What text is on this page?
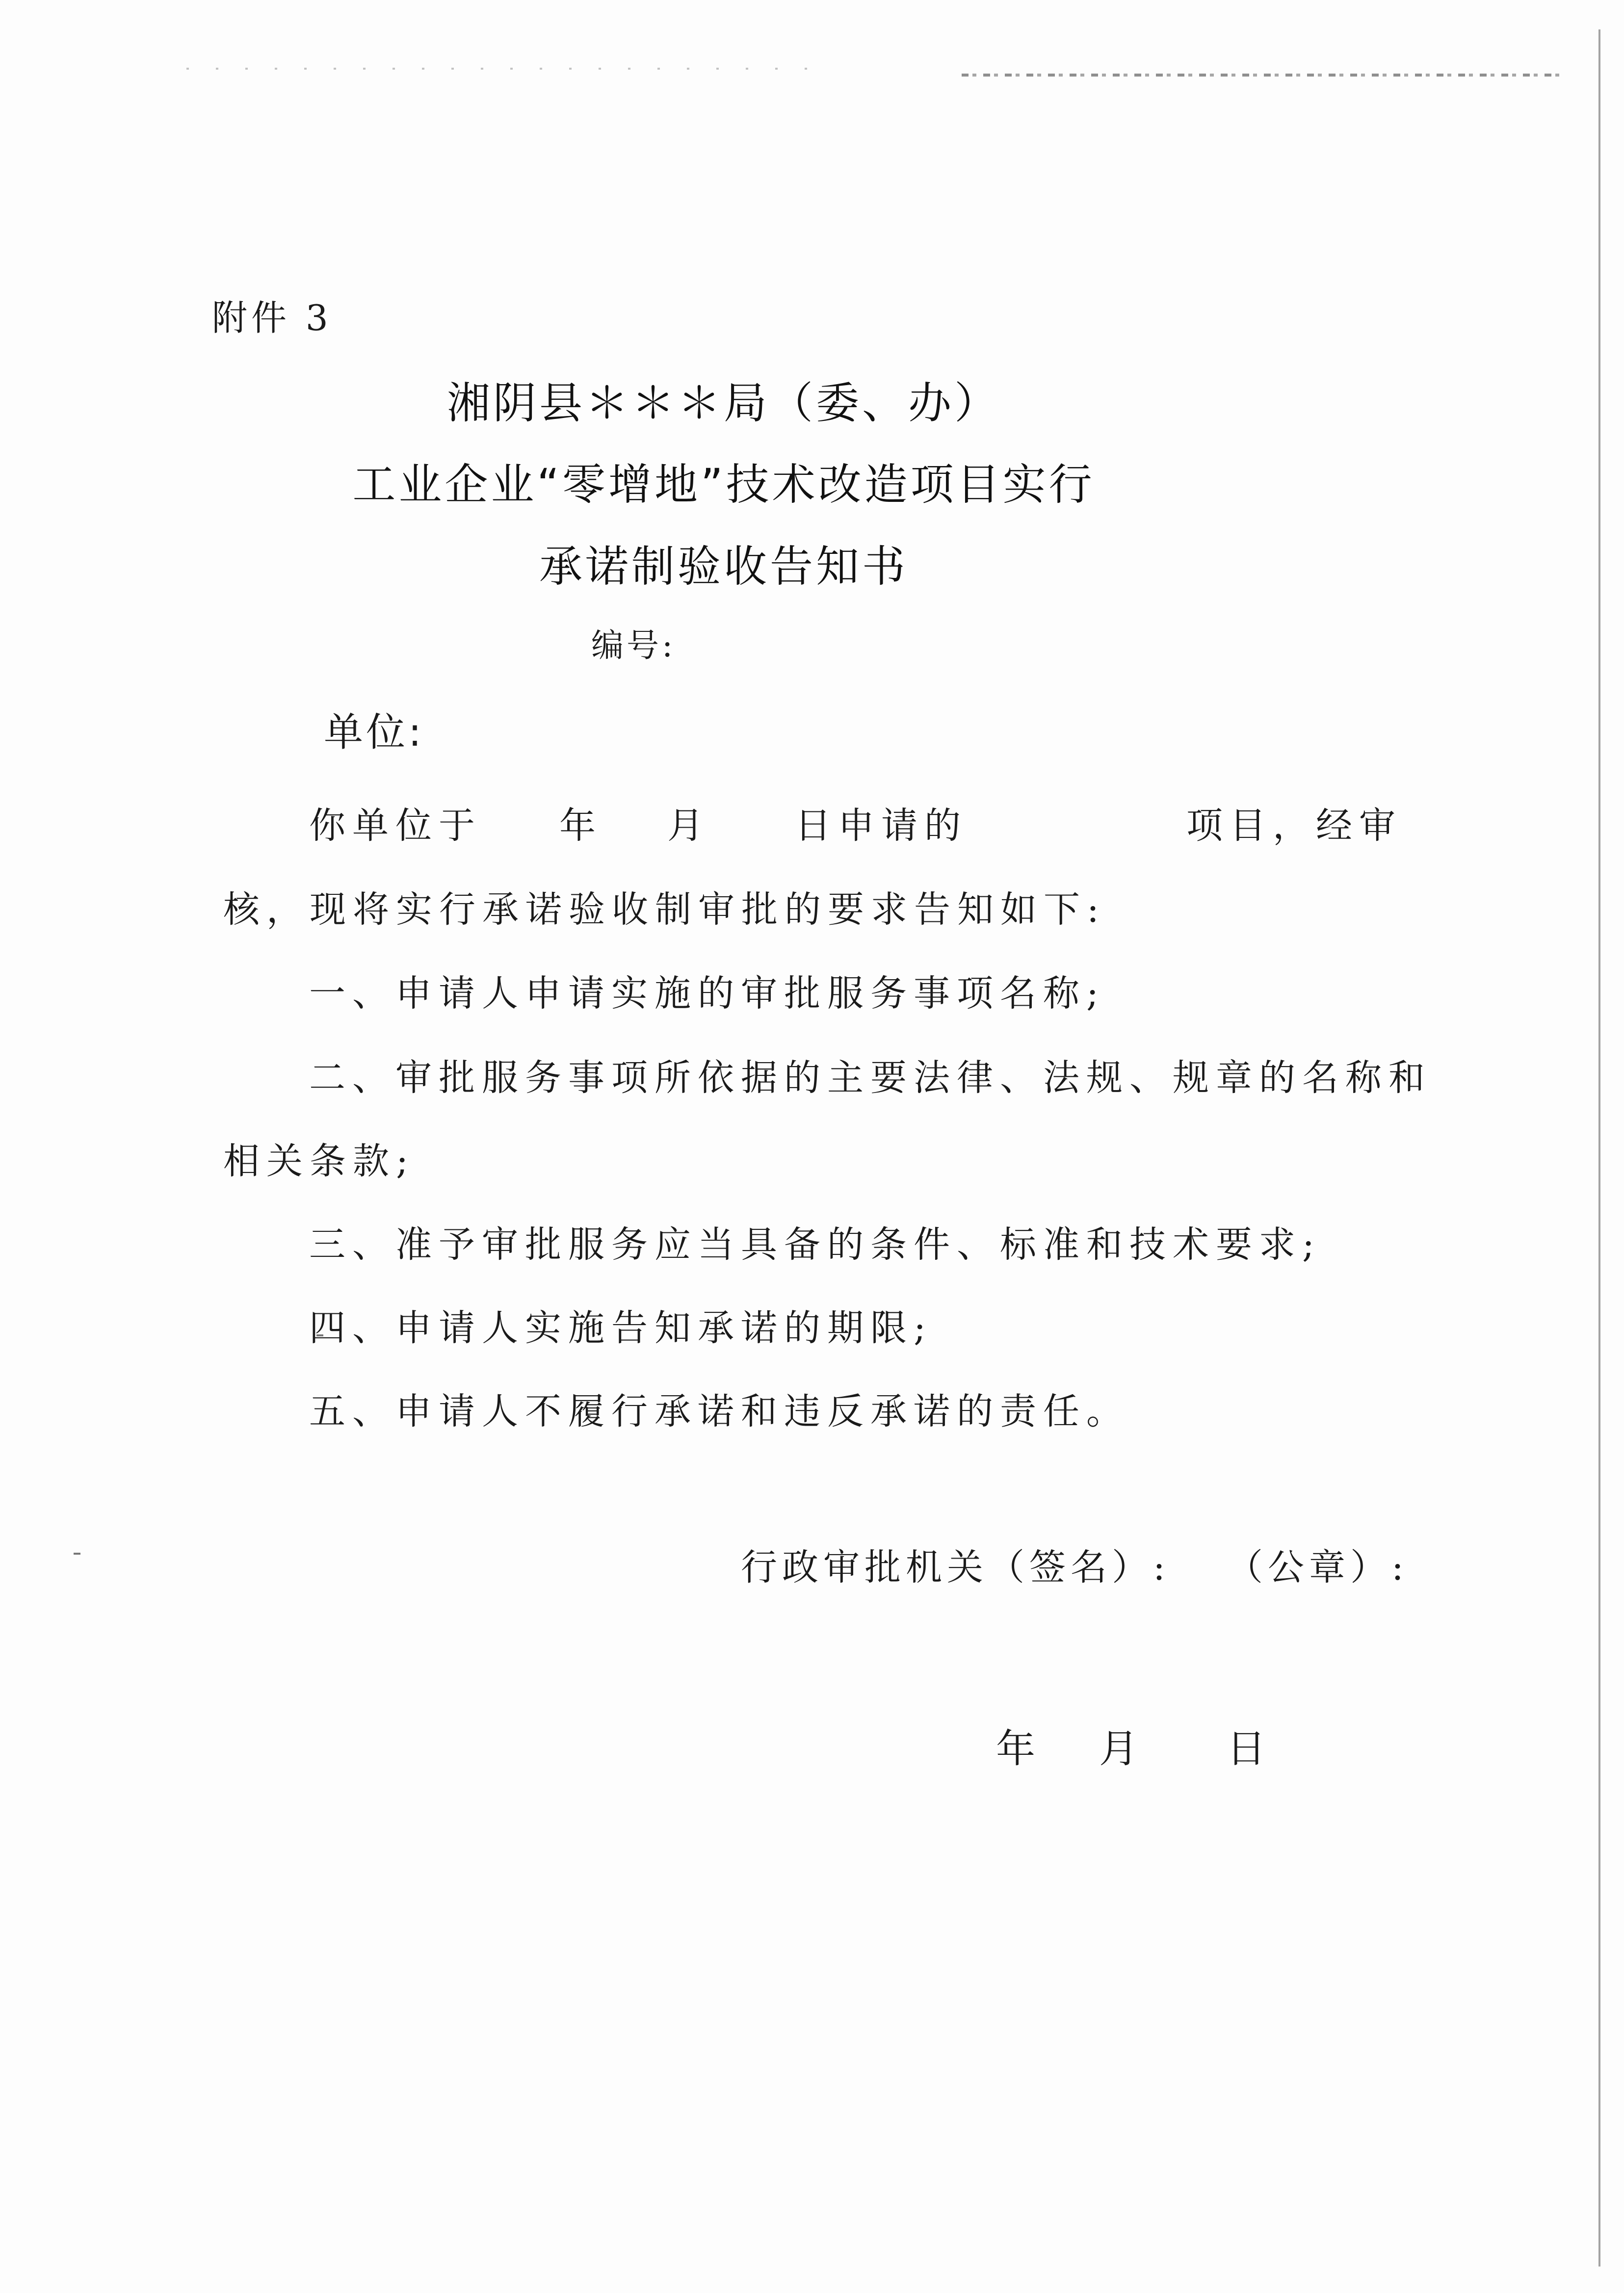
附件 3
湘阴县＊＊＊局（委、办）
工业企业“零增地”技术改造项目实行
承诺制验收告知书
编号:
单位:
你单位于 年 月 日申请的	项目，经审
核，现将实行承诺验收制审批的要求告知如下:
一、申请人申请实施的审批服务事项名称;
二、审批服务事项所依据的主要法律、法规、规章的名称和
相关条款;
三、准予审批服务应当具备的条件、标准和技术要求;
四、申请人实施告知承诺的期限;
五、申请人不履行承诺和违反承诺的责任。
行政审批机关（签名）: （公章）:
年 月 日
